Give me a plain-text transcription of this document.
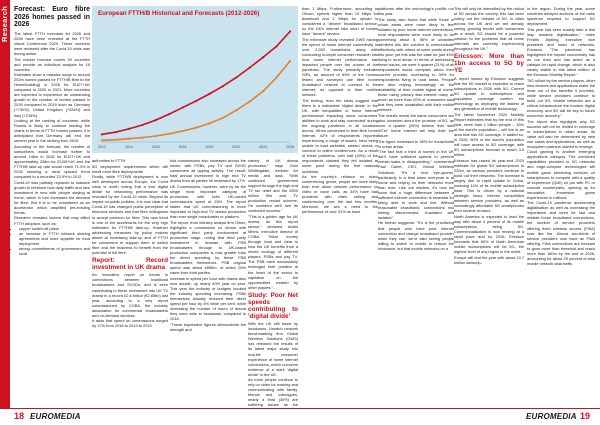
Research Forecast: Euro fibre 2026 homes passed in 2026

The latest FTTH forecasts for 2026 and 2028 have been revealed at the FTTH virtual Conference 2020. These numbers were reviewed after the Covid-19 crisis was during action.

The market forecast covers 39 countries and provide an individual analysis for 15 countries.

Estimates show a massive surge to around 202m homes passed for FTTH/B fibre to the Home/building) in 2026 for EU27+UK compared to 2020 in 2021. More countries are expected to experience an outstanding growth in the number of homes passed in 2026 compared to 2019 such as Germany (+730%), United Kingdom (+534%) and Italy (+218%).

Looking at the ranking of countries, while Russia is likely to continue leading the charts in terms of FTTH homes passed, it is anticipated that Germany will end the second year in the ranking from 2019.

According to the forecast, the number of subscribers would increase further to around 148m in 2026 for EU27+UK and approximately 208m for EU39+UK and the FTTH/B take-up rate would reach 71.3% in 2026 showing a clear upward trend compared to a recorded 23.9% in 2012.

Covid-19 was partially replaced to massive growth to reinforce how daily traffic and new investment in new with people staying at home, which in turn increased the demand for fibre. But it is to be considered as an accelerator which amplified pre-existing trends.

Research revealed factors that may affect FTTH adoption, such as:

• copper switch-off plans
• an increase in FTTH network sharing agreements and more appetite for fund deployment
• strong commitments of government and local
European FTTH/B Historical and Forecasts (2012-2026)
2012	2014	2016	2018	2020	2022	2024	2026

authorities to FTTH

5G deployment requirements which will entail more fibre deployments

Finally, while FTTH/B deployment is now well developed across Europe, the Covid crisis is worth noting that a true digital divide for networking performance was revealed by the Covid-19 crisis. Beyond its impact on public policies, it is now clear that Covid-19 has changed public perception of telecoms services and that fibre willingness to accept premium for fibre. This new trend is one of the accelerants for the very high estimates for FTTH/B take-up. However addressing measures by policy makers aimed at increasing take-up and of FTTH for consumers to support them to switch fibre and the business to benefit from the potential of full fibre.

Report: Record investment in UK drama

An innovative report on trends in connections between traditional broadcasters and SVODs, and is seen contributing to these investment into UK TV drama in a record £2.6 billion (€2.85bn) last year, according to a new report commissioned by COBA, the industry association for commercial broadcasters and on-demand services.

It adds that spend on commissions surged by 17% from 2018 to 2019 to 2019

fold commissions also increased across the sector, with PSBs, pay TV and SVOD consumers all upping activity. The result: total annual investment in high end TV drama from all parties hit increased by 17%.

UK Commissions, however, were by far the single most important category of production, with both UK-owned commissions spent at 25%. The report states that UK commissioning is more important to high-end TV drama production than ever single broadcaster or platform.

The report, from industry analyst firm Oliver, highlights a commission so shows with significant third party involvement at production stage, noting that third party investment in dramas with PSB broadcasters through to UK-based production companies is now greater than the direct spending by these PSB broadcasters themselves. PSB original spend was about £856m, of which 26% came from third parties.

Increase in spend per hour with drama also now double, up nearly 40% year on year. This year the industry of budgets booked the industry spending increasing. PSBs themselves actually reduced their direct spend per hour by 4% while per cent, while increasing the number of hours of drama they were able to broadcast, compared to 2018.

"These impressive figures demonstrate the strength and

variety of UK drama production," says John Whittingdale, minister for media and data. "With continued government support through the high-end TV tax relief and the £500 million film and TV production restart scheme, I'm confident we'll see its continued success."

"This is a golden age for UK drama, as this report shows," declared Adam Minns, executive director of COBA. "More money through local and clear is how the UK benefits from a mixed ecology of different players, PSBs and pay TV. The PSB have successfully leveraged their position at the heart of the sector to capitalise on the opportunities created by other players."

Study: Poor Net speeds contributing to 'digital divide'

With the UK still beset by lockdowns, Uswitch network benchmarking firm Global Wireless Solutions (GWS) has released the results of its latest major study into real-life consumer experience of home internet connections, which uncovers evidence of a stark 'digital divide' in the UK.

As more people continue to rely on video for working and communicating with family, friends and colleagues, nearly a third (30%) are suffering issues as the

than 1 Mbps. Furthermore, according to Ofcom, speeds higher than 10 Mbps for download and 1 Mbps for upload is considered a "decent" broadband service, so the UK's internet falls short of homes have "decent" service.

The extensive study revealed GWS having the speed of home internet connectivity in over 2,000 households along with conducting in-depth consumer research into how home internet performance has impacted people over the course of the pandemic. The study primarily includes ISPs, an amount of 69% of the homes tested and surveyed use fibre home broadband network to connect to the internet, as opposed to their mobile network.

The finding, from the study suggest that there is a noticeable 'digital divide' in the UK, with inequalities of home internet performance impacting some consumers' abilities to work and stay 'connected' during the ongoing pandemic in all locations across. When connected to their fibre home internet, 42% of respondents reported experiencing a range of issues. Next being unable to load websites, stream videos or connect to online conferences. As a result of these problems, over half (53%) of the respondents claimed they felt isolated at some point during the first national lockdown.

As the country's reliance on video conferencing grows, people are more likely than ever about network performance on video or voice calls, as 34% have had problems with video calling and conferencing over the last few months. Moreover, we see a need to the performance of over 31% as have

platforms after the technology's prolific run this year.

The study also found that while those in urban areas were more likely to feel isolated by poor home internet connections, rural respondents were more likely to do something about it, 56% of urbanites admitted this flex solution to communicate effectively with others at some points during this year, yet this was the case for just 43% living in rural areas. In terms of addressing these issues, we were it quarter (21%) of all respondents would complain about their current provider, increasing to 39% for respondents living in rural areas. People are also relying increasingly on the availability of their mobile signal at home; those using primary fast internet many as much as more than 20% of consumers said that they were unsatisfied with their mobile network.

The results reveal the same consumers are also uncertain about the promise of 5G, as over a quarter (26%) believe that 'well 5G'er' home internet will help their the future.

The figure increased to 38% for households in urban areas.

"The fact that a third of homes in the UK don't have sufficient speeds to perform certain tasks is disappointing," commented Paul Carter, CEO, Global Wireless Solutions. "It's a real eye-opener, particularly in a time when everyone is at home and relying on their networks more than ever. Like our leaders, it's how we know that a huge difference between a sufficient internet connection is essential for being able to work and live. Without reasonable broadband, connections risk feeling disconnected, frustrated and isolated."

He further suggests: "It's a fire prioritizing that people who have poor internet connection and change broadband provider when they can, we're also seeing people willing to switch to mobile to reduce the hindrance, but that mobile networks on a

This will only be intensified by the rollout of 5G across the country, this has been rolling out the release of 5G, in cities across the UK and we are already seeing growing tender with consumers as a result, 5G should be a powerful solution to the problems that all home internets are currently experiencing throughout the UK."

Ericsson: More than 1bn access to 5G by YE

A report issued by Ericsson suggests that the 5G market is expected to reach subscriptions in 2026 with 5G. Current 5G update in subscriptions and population coverage confirm the technology as deploying the fastest of any generation of mobile technology.

The latest November 2020 Mobility Report estimates that by the end of this year, more than 1 billion people – 15% of the world's population – will live in an area that has 5G coverage. It added so, in 2026, 60% of the world's population will have access to 5G coverage, with 5G subscriptions forecast to reach 3.5 billion.

Ericsson has raised its year-end 2020 estimate for global 5G subscriptions to 220m, as various providers continue to build out their networks. The increase is largely due to rapid uptake in China, meaning 11% of its mobile subscription base. This is driven by a national strategic focus, intense competition between service providers, as well as increasingly affordable 5G smartphones from several vendors.

North America is expected to lead the way with about 4 percent of its mobile subscriptions being 5G. Commercialisation is now moving at a rapid pace and by 2026, Ericsson forecasts that 80% of North American mobile subscriptions will be 5G, the highest level of any region in the world.

Europe will end the year with about 10.7 million subscrip-

in the region. During the year, some countries delayed auctions of the radio spectrum required to support 5G deployment.

This year has seen society take a first leap towards digitalisation," notes Fredrik Jejdling, executive vice president and head of networks, Ericsson. "The pandemic has highlighted the impact connectivity has on our lives and has acted as a catalyst for rapid change, which is also clearly visible in this latest edition of the Ericsson Mobility Report."

"5G rollout by the service players, other new devices and applications make the most out of the benefits it provides, while service providers continue to build out 5G. Mobile networks are a critical infrastructure the modern digital economy, and 5G will be key to future economic recovery."

The report also highlights why 5G success will not be limited in coverage or subscriptions in urban areas. Its value will also be determined by new use cases and applications, as well as ecosystem partners started to emerge.

Cloud gaming is another emerging applications category. The combined capabilities provided to 5G networks and edge-compute technologies will enable game streaming services on smartphones to compete with a quality of experience (QoE) on par with PC or console counterparts, opening up for innovative, immersive game experiences to millions.

The Covid-19 pandemic accelerating digitalisation as well as increasing the importance and need for fast and reliable home broadband connections, the number of service providers offering fixed wireless access (FWA) rose like fire. Almost two-thirds of service providers now have an FWA offering. FWA connections are forecast to grow more than threefold and reach more than 180m by the end of 2026, accounting for about 25 percent of total mobile network data traffic.

18 EUROMEDIA	EUROMEDIA 19
